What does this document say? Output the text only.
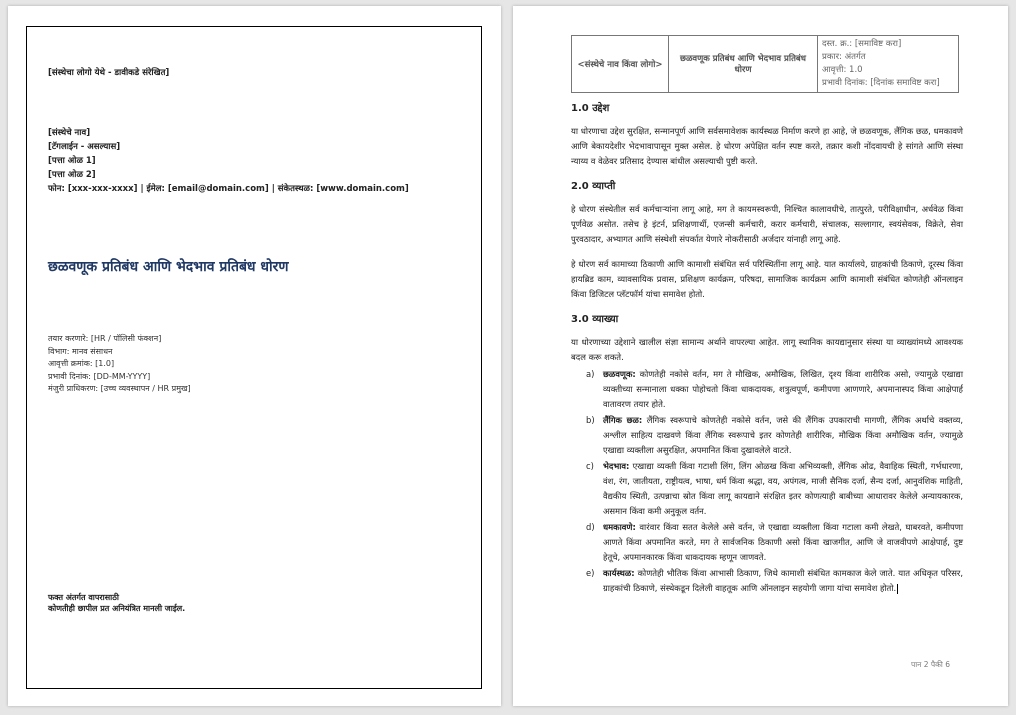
[संस्थेचा लोगो येथे - डावीकडे संरेखित]
[संस्थेचे नाव]
[टॅगलाईन - असल्यास]
[पत्ता ओळ 1]
[पत्ता ओळ 2]
फोन: [xxx-xxx-xxxx] | ईमेल: [email@domain.com] | संकेतस्थळ: [www.domain.com]
छळवणूक प्रतिबंध आणि भेदभाव प्रतिबंध धोरण
तयार करणारे: [HR / पॉलिसी फंक्शन]
विभाग: मानव संसाधन
आवृत्ती क्रमांक: [1.0]
प्रभावी दिनांक: [DD-MM-YYYY]
मंजुरी प्राधिकरण: [उच्च व्यवस्थापन / HR प्रमुख]
फक्त अंतर्गत वापरासाठी
कोणतीही छापील प्रत अनियंत्रित मानली जाईल.
<संस्थेचे नाव किंवा लोगो>	छळवणूक प्रतिबंध आणि भेदभाव प्रतिबंध धोरण	
दस्त. क्र.: [समाविष्ट करा]
प्रकार: अंतर्गत
आवृत्ती: 1.0
प्रभावी दिनांक: [दिनांक समाविष्ट करा]
1.0 उद्देश

या धोरणाचा उद्देश सुरक्षित, सन्मानपूर्ण आणि सर्वसमावेशक कार्यस्थळ निर्माण करणे हा आहे, जे छळवणूक, लैंगिक छळ, धमकावणे आणि बेकायदेशीर भेदभावापासून मुक्त असेल. हे धोरण अपेक्षित वर्तन स्पष्ट करते, तक्रार कशी नोंदवायची हे सांगते आणि संस्था न्याय्य व वेळेवर प्रतिसाद देण्यास बांधील असल्याची पुष्टी करते.

2.0 व्याप्ती

हे धोरण संस्थेतील सर्व कर्मचाऱ्यांना लागू आहे, मग ते कायमस्वरूपी, निश्चित कालावधीचे, तात्पुरते, परीविक्षाधीन, अर्धवेळ किंवा पूर्णवेळ असोत. तसेच हे इंटर्न, प्रशिक्षणार्थी, एजन्सी कर्मचारी, करार कर्मचारी, संचालक, सल्लागार, स्वयंसेवक, विक्रेते, सेवा पुरवठादार, अभ्यागत आणि संस्थेशी संपर्कात येणारे नोकरीसाठी अर्जदार यांनाही लागू आहे.

हे धोरण सर्व कामाच्या ठिकाणी आणि कामाशी संबंधित सर्व परिस्थितींना लागू आहे. यात कार्यालये, ग्राहकांची ठिकाणे, दूरस्थ किंवा हायब्रिड काम, व्यावसायिक प्रवास, प्रशिक्षण कार्यक्रम, परिषदा, सामाजिक कार्यक्रम आणि कामाशी संबंधित कोणतेही ऑनलाइन किंवा डिजिटल प्लॅटफॉर्म यांचा समावेश होतो.

3.0 व्याख्या

या धोरणाच्या उद्देशाने खालील संज्ञा सामान्य अर्थाने वापरल्या आहेत. लागू स्थानिक कायद्यानुसार संस्था या व्याख्यांमध्ये आवश्यक बदल करू शकते.

a) छळवणूक: कोणतेही नकोसे वर्तन, मग ते मौखिक, अमौखिक, लिखित, दृश्य किंवा शारीरिक असो, ज्यामुळे एखाद्या व्यक्तीच्या सन्मानाला धक्का पोहोचतो किंवा धाकदायक, शत्रुत्वपूर्ण, कमीपणा आणणारे, अपमानास्पद किंवा आक्षेपार्ह वातावरण तयार होते.
b) लैंगिक छळ: लैंगिक स्वरूपाचे कोणतेही नकोसे वर्तन, जसे की लैंगिक उपकाराची मागणी, लैंगिक अर्थाचे वक्तव्य, अश्लील साहित्य दाखवणे किंवा लैंगिक स्वरूपाचे इतर कोणतेही शारीरिक, मौखिक किंवा अमौखिक वर्तन, ज्यामुळे एखाद्या व्यक्तीला असुरक्षित, अपमानित किंवा दुखावलेले वाटते.
c) भेदभाव: एखाद्या व्यक्ती किंवा गटाशी लिंग, लिंग ओळख किंवा अभिव्यक्ती, लैंगिक ओढ, वैवाहिक स्थिती, गर्भधारणा, वंश, रंग, जातीयता, राष्ट्रीयत्व, भाषा, धर्म किंवा श्रद्धा, वय, अपंगत्व, माजी सैनिक दर्जा, सैन्य दर्जा, आनुवंशिक माहिती, वैद्यकीय स्थिती, उत्पन्नाचा स्रोत किंवा लागू कायद्याने संरक्षित इतर कोणत्याही बाबीच्या आधारावर केलेले अन्यायकारक, असमान किंवा कमी अनुकूल वर्तन.
d) धमकावणे: वारंवार किंवा सतत केलेले असे वर्तन, जे एखाद्या व्यक्तीला किंवा गटाला कमी लेखते, घाबरवते, कमीपणा आणते किंवा अपमानित करते, मग ते सार्वजनिक ठिकाणी असो किंवा खाजगीत, आणि जे वाजवीपणे आक्षेपार्ह, दुष्ट हेतूचे, अपमानकारक किंवा धाकदायक म्हणून जाणवते.
e) कार्यस्थळ: कोणतेही भौतिक किंवा आभासी ठिकाण, जिथे कामाशी संबंधित कामकाज केले जाते. यात अधिकृत परिसर, ग्राहकांची ठिकाणे, संस्थेकडून दिलेली वाहतूक आणि ऑनलाइन सहयोगी जागा यांचा समावेश होतो.
पान 2 पैकी 6
